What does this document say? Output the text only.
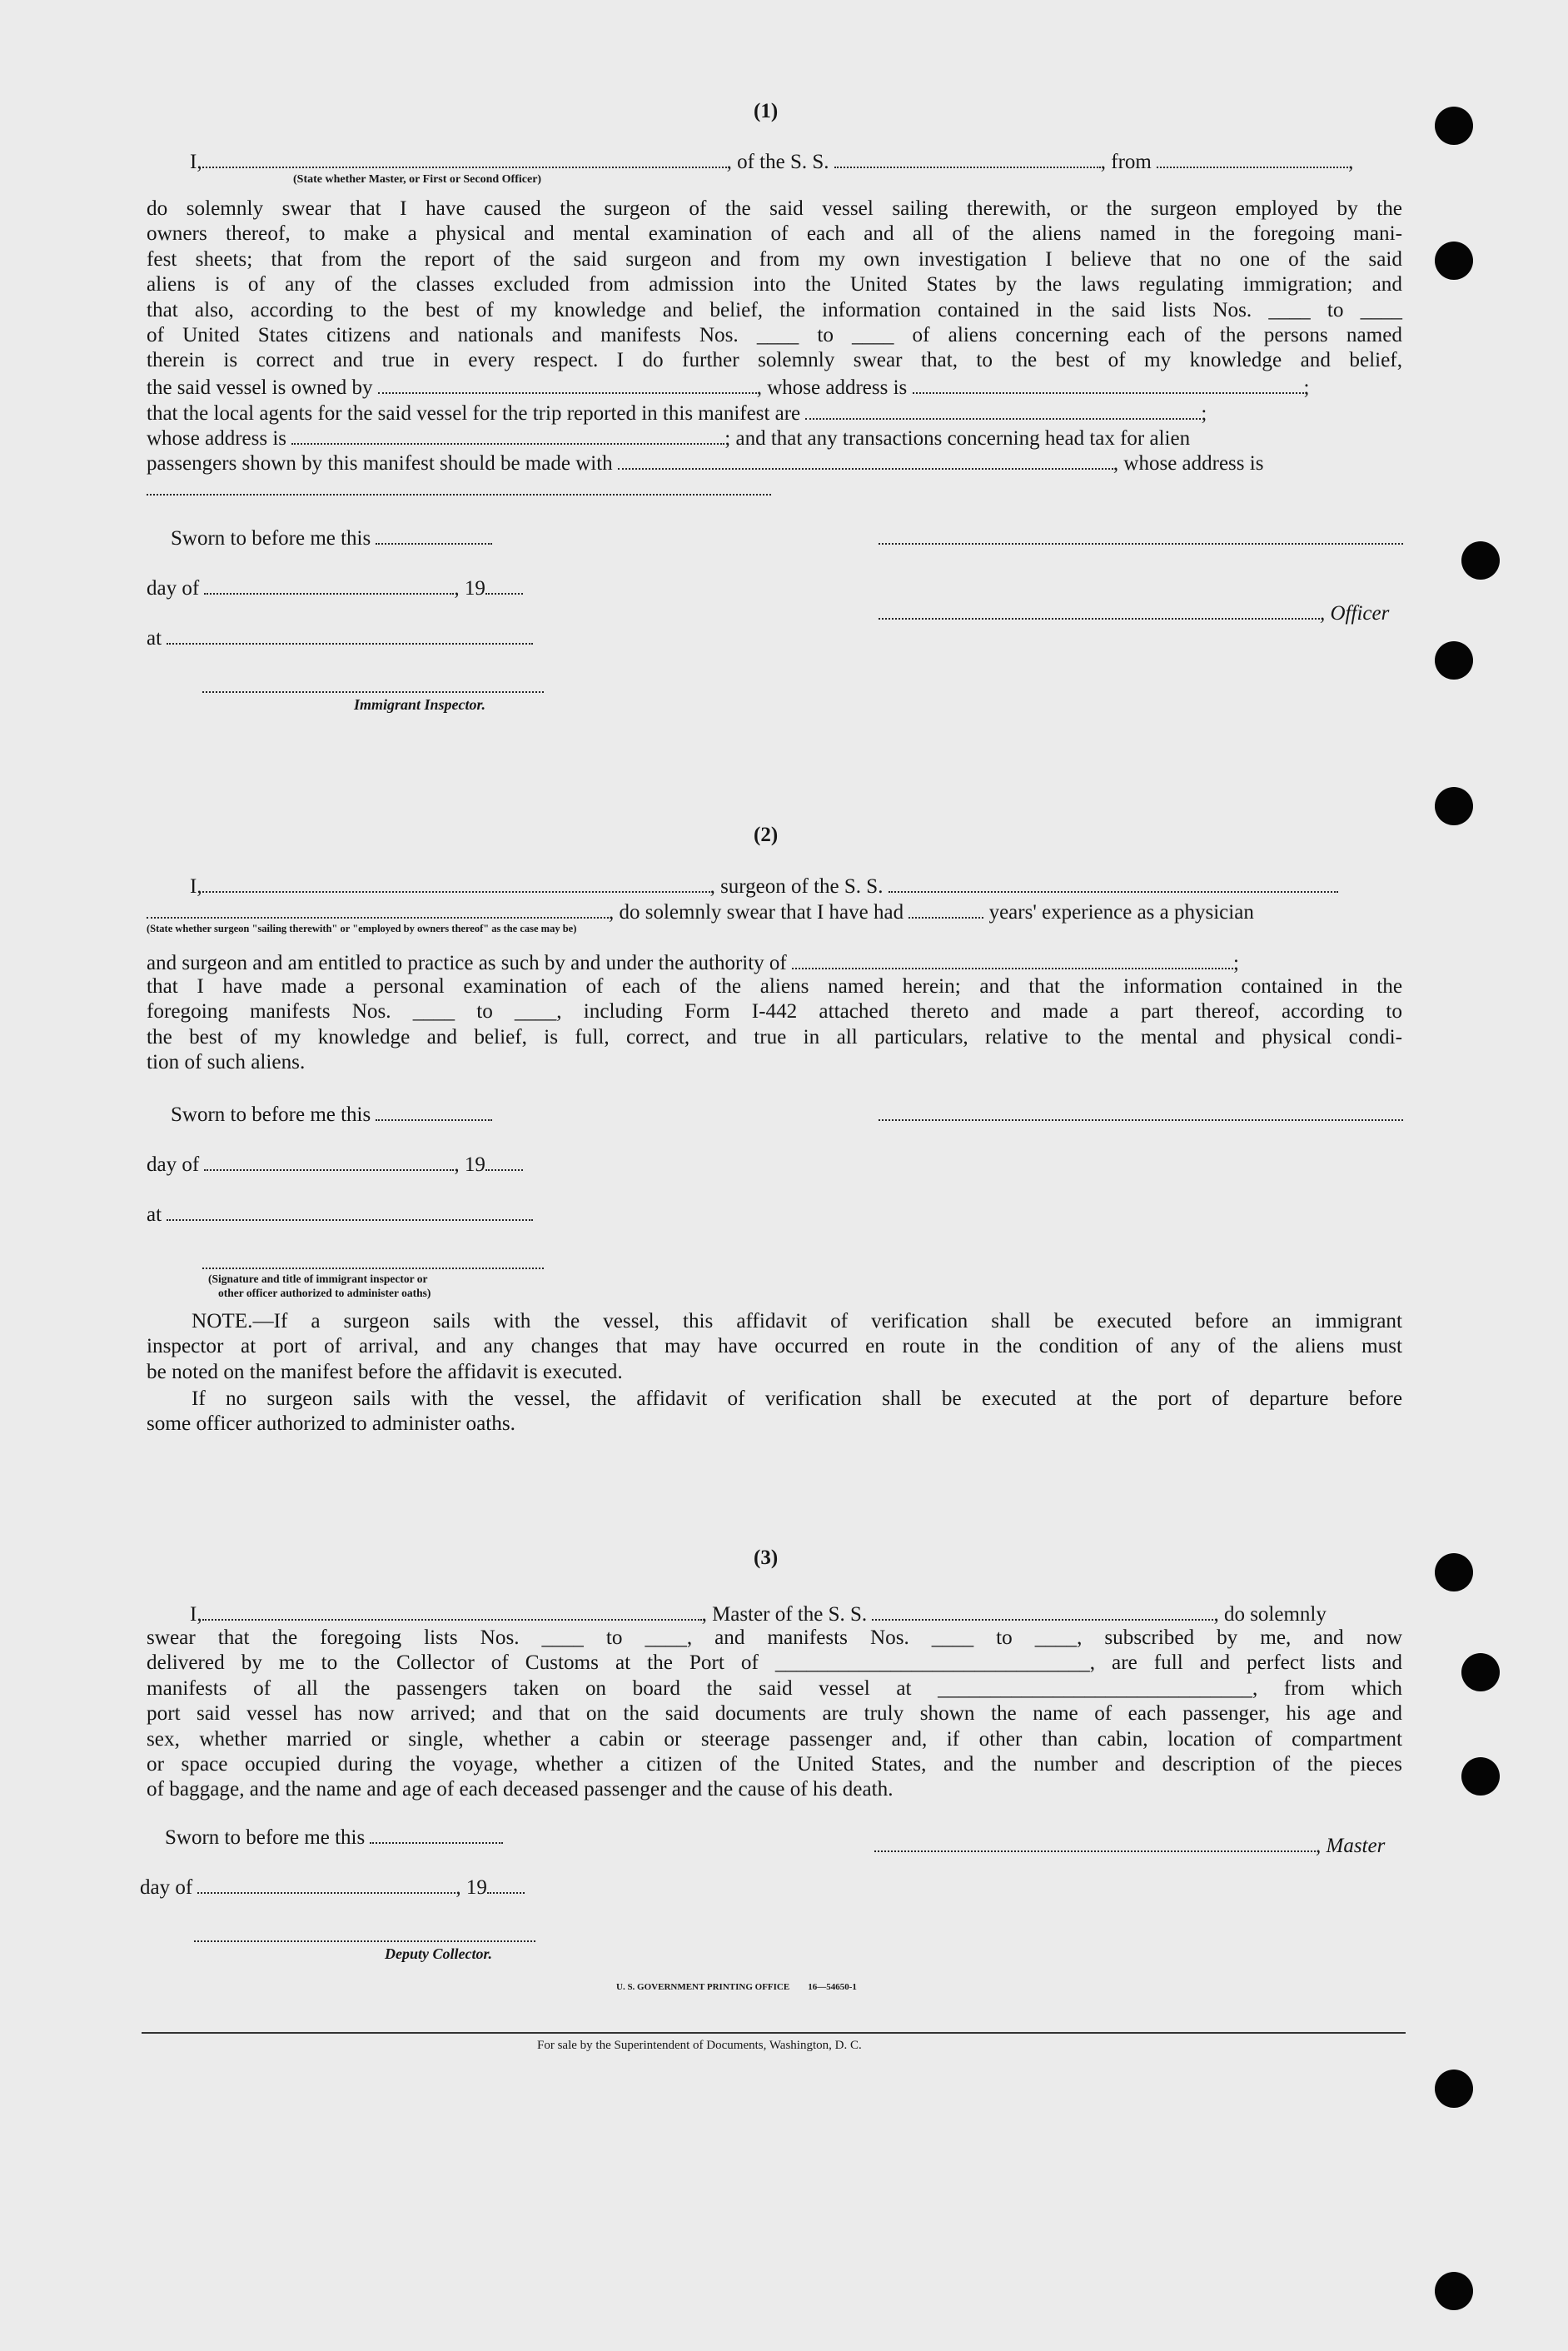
(1)
I,	, of the S. S.	, from	,
(State whether Master, or First or Second Officer)
do solemnly swear that I have caused the surgeon of the said vessel sailing therewith, or the surgeon employed by the
owners thereof, to make a physical and mental examination of each and all of the aliens named in the foregoing mani-
fest sheets; that from the report of the said surgeon and from my own investigation I believe that no one of the said
aliens is of any of the classes excluded from admission into the United States by the laws regulating immigration; and
that also, according to the best of my knowledge and belief, the information contained in the said lists Nos. ____ to ____
of United States citizens and nationals and manifests Nos. ____ to ____ of aliens concerning each of the persons named
therein is correct and true in every respect. I do further solemnly swear that, to the best of my knowledge and belief,
the said vessel is owned by	, whose address is	;
that the local agents for the said vessel for the trip reported in this manifest are	;
whose address is	; and that any transactions concerning head tax for alien
passengers shown by this manifest should be made with	, whose address is
Sworn to before me this
day of	, 19
, Officer
at
Immigrant Inspector.
(2)
I,	, surgeon of the S. S.
, do solemnly swear that I have had	years' experience as a physician
(State whether surgeon "sailing therewith" or "employed by owners thereof" as the case may be)
and surgeon and am entitled to practice as such by and under the authority of	;
that I have made a personal examination of each of the aliens named herein; and that the information contained in the
foregoing manifests Nos. ____ to ____, including Form I-442 attached thereto and made a part thereof, according to
the best of my knowledge and belief, is full, correct, and true in all particulars, relative to the mental and physical condi-
tion of such aliens.
Sworn to before me this
day of	, 19
at
(Signature and title of immigrant inspector or
other officer authorized to administer oaths)
NOTE.—If a surgeon sails with the vessel, this affidavit of verification shall be executed before an immigrant
inspector at port of arrival, and any changes that may have occurred en route in the condition of any of the aliens must
be noted on the manifest before the affidavit is executed.
If no surgeon sails with the vessel, the affidavit of verification shall be executed at the port of departure before
some officer authorized to administer oaths.
(3)
I,	, Master of the S. S.	, do solemnly
swear that the foregoing lists Nos. ____ to ____, and manifests Nos. ____ to ____, subscribed by me, and now
delivered by me to the Collector of Customs at the Port of ______________________________, are full and perfect lists and
manifests of all the passengers taken on board the said vessel at ______________________________, from which
port said vessel has now arrived; and that on the said documents are truly shown the name of each passenger, his age and
sex, whether married or single, whether a cabin or steerage passenger and, if other than cabin, location of compartment
or space occupied during the voyage, whether a citizen of the United States, and the number and description of the pieces
of baggage, and the name and age of each deceased passenger and the cause of his death.
Sworn to before me this	, Master
day of	, 19
Deputy Collector.
U. S. GOVERNMENT PRINTING OFFICE        16—54650-1
For sale by the Superintendent of Documents, Washington, D. C.
